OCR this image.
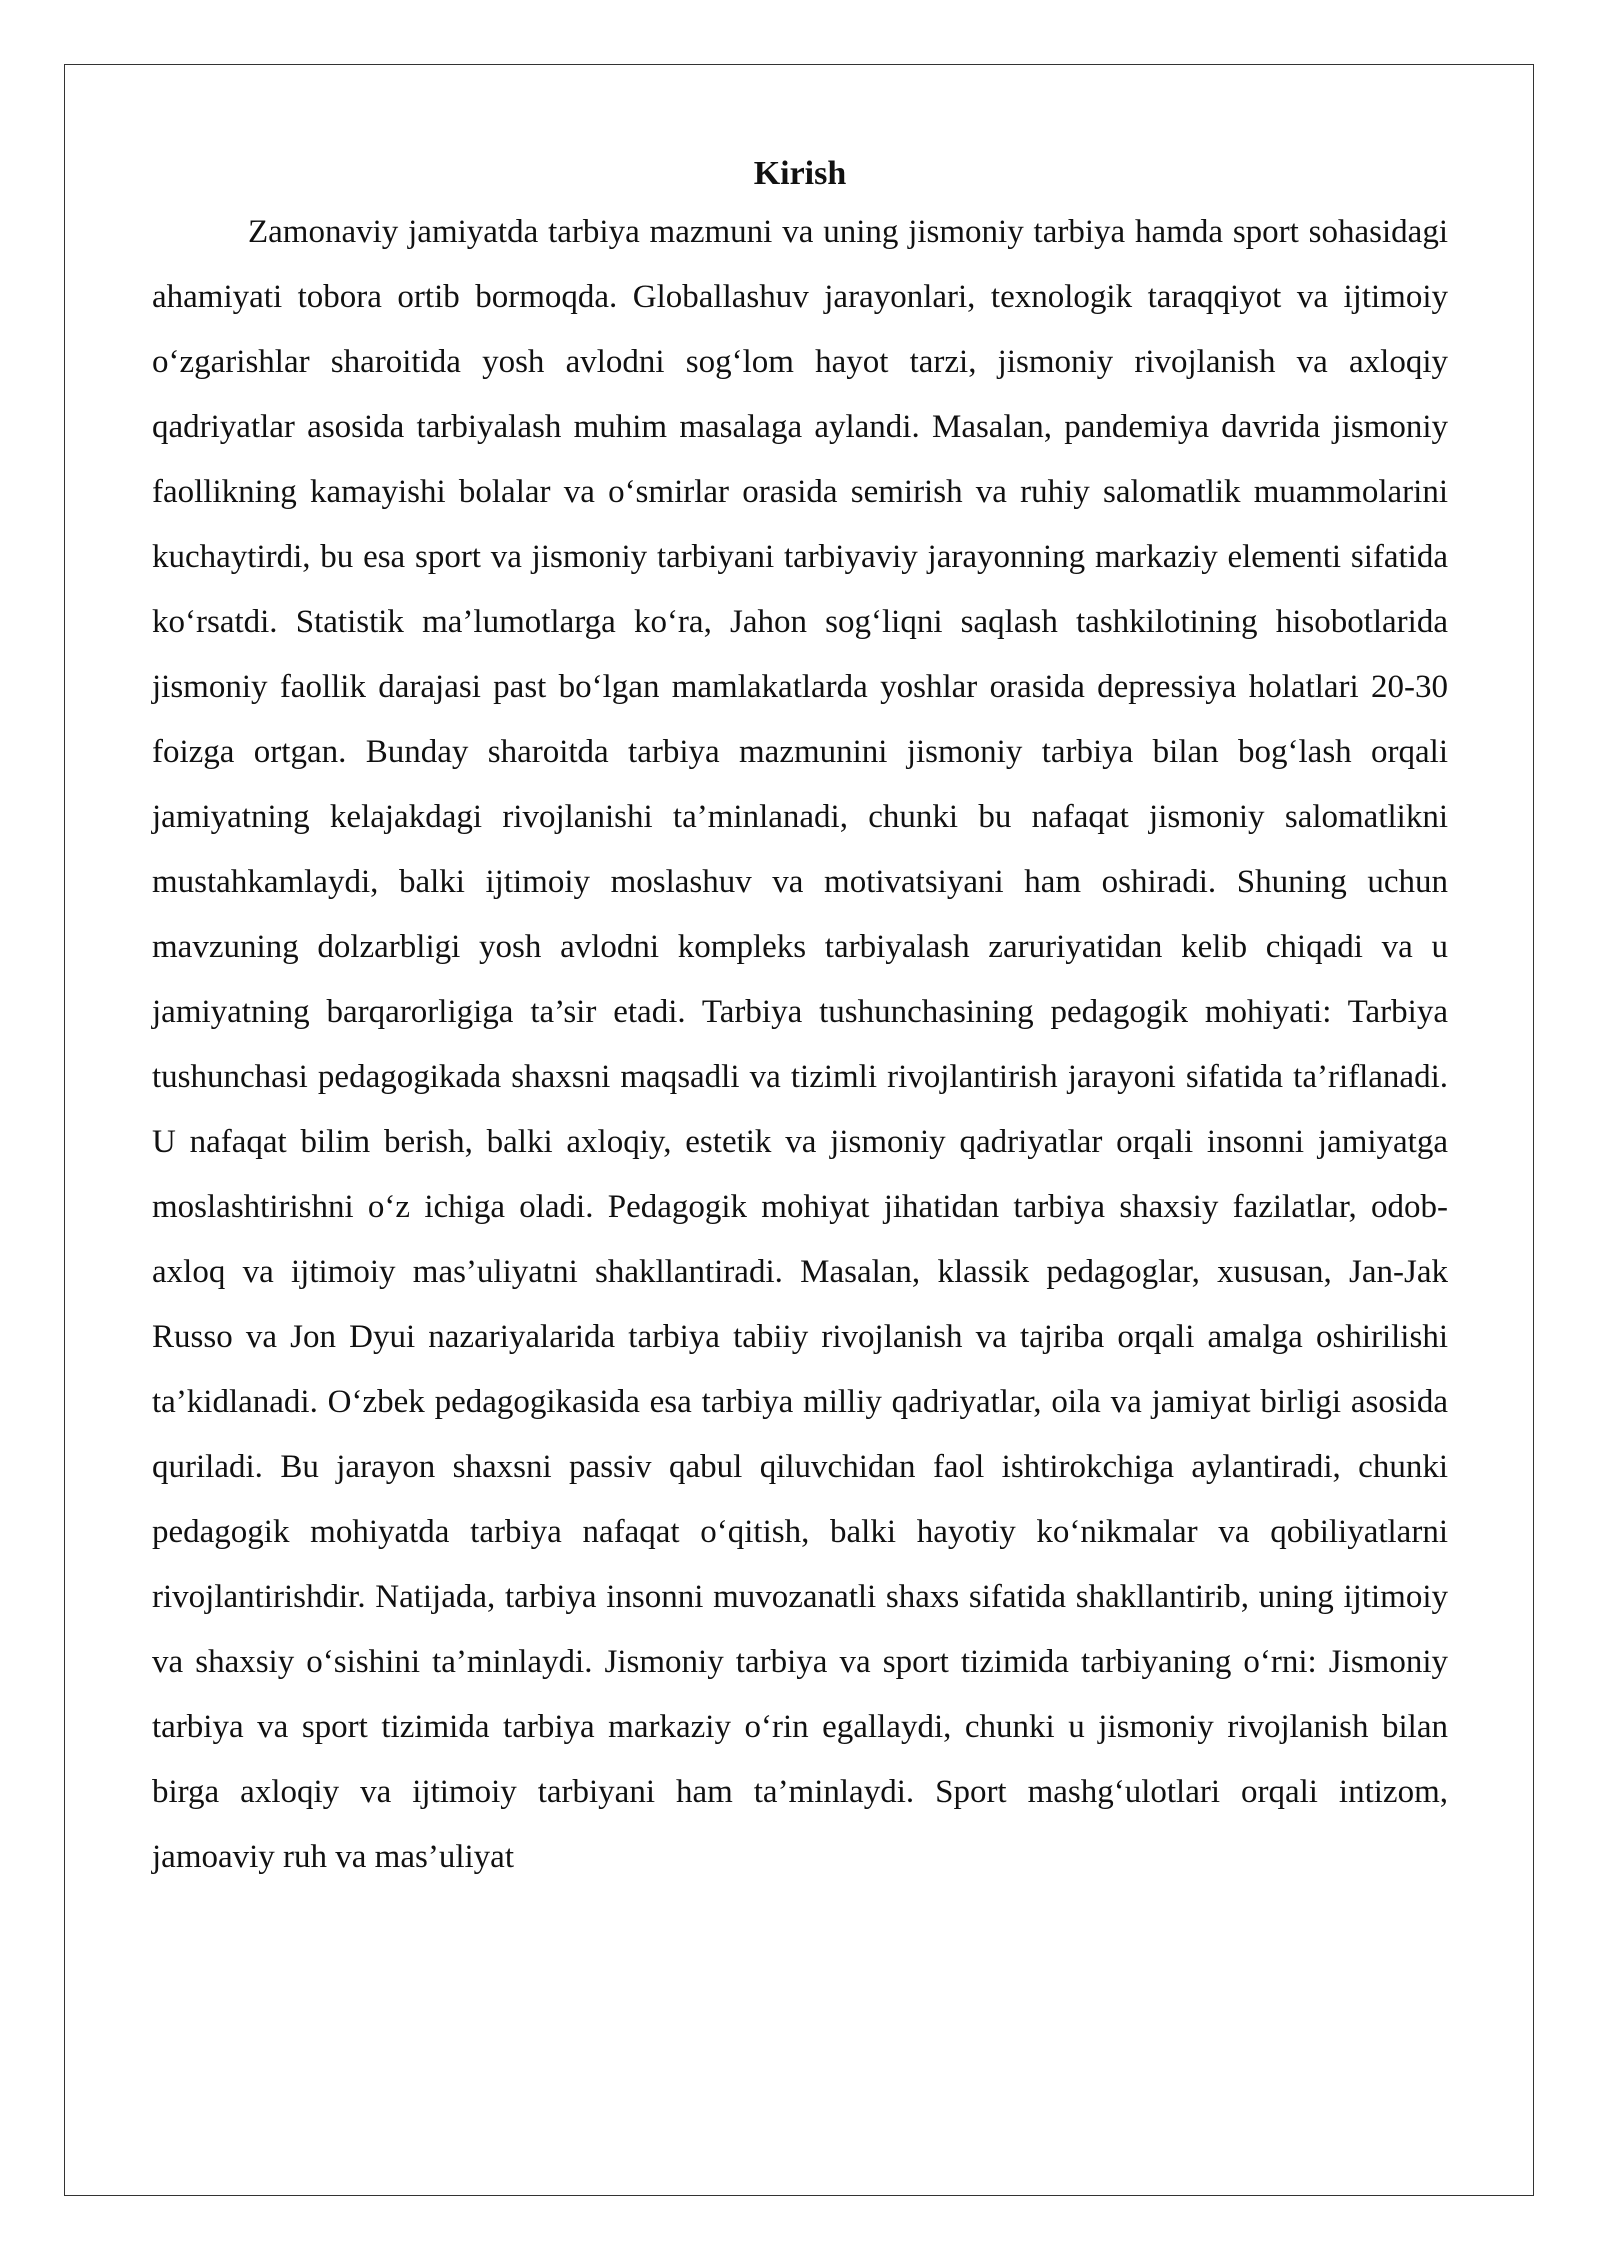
Kirish

Zamonaviy jamiyatda tarbiya mazmuni va uning jismoniy tarbiya hamda sport sohasidagi ahamiyati tobora ortib bormoqda. Globallashuv jarayonlari, texnologik taraqqiyot va ijtimoiy o‘zgarishlar sharoitida yosh avlodni sog‘lom hayot tarzi, jismoniy rivojlanish va axloqiy qadriyatlar asosida tarbiyalash muhim masalaga aylandi. Masalan, pandemiya davrida jismoniy faollikning kamayishi bolalar va o‘smirlar orasida semirish va ruhiy salomatlik muammolarini kuchaytirdi, bu esa sport va jismoniy tarbiyani tarbiyaviy jarayonning markaziy elementi sifatida ko‘rsatdi. Statistik ma’lumotlarga ko‘ra, Jahon sog‘liqni saqlash tashkilotining hisobotlarida jismoniy faollik darajasi past bo‘lgan mamlakatlarda yoshlar orasida depressiya holatlari 20-30 foizga ortgan. Bunday sharoitda tarbiya mazmunini jismoniy tarbiya bilan bog‘lash orqali jamiyatning kelajakdagi rivojlanishi ta’minlanadi, chunki bu nafaqat jismoniy salomatlikni mustahkamlaydi, balki ijtimoiy moslashuv va motivatsiyani ham oshiradi. Shuning uchun mavzuning dolzarbligi yosh avlodni kompleks tarbiyalash zaruriyatidan kelib chiqadi va u jamiyatning barqarorligiga ta’sir etadi. Tarbiya tushunchasining pedagogik mohiyati: Tarbiya tushunchasi pedagogikada shaxsni maqsadli va tizimli rivojlantirish jarayoni sifatida ta’riflanadi. U nafaqat bilim berish, balki axloqiy, estetik va jismoniy qadriyatlar orqali insonni jamiyatga moslashtirishni o‘z ichiga oladi. Pedagogik mohiyat jihatidan tarbiya shaxsiy fazilatlar, odob-axloq va ijtimoiy mas’uliyatni shakllantiradi. Masalan, klassik pedagoglar, xususan, Jan-Jak Russo va Jon Dyui nazariyalarida tarbiya tabiiy rivojlanish va tajriba orqali amalga oshirilishi ta’kidlanadi. O‘zbek pedagogikasida esa tarbiya milliy qadriyatlar, oila va jamiyat birligi asosida quriladi. Bu jarayon shaxsni passiv qabul qiluvchidan faol ishtirokchiga aylantiradi, chunki pedagogik mohiyatda tarbiya nafaqat o‘qitish, balki hayotiy ko‘nikmalar va qobiliyatlarni rivojlantirishdir. Natijada, tarbiya insonni muvozanatli shaxs sifatida shakllantirib, uning ijtimoiy va shaxsiy o‘sishini ta’minlaydi. Jismoniy tarbiya va sport tizimida tarbiyaning o‘rni: Jismoniy tarbiya va sport tizimida tarbiya markaziy o‘rin egallaydi, chunki u jismoniy rivojlanish bilan birga axloqiy va ijtimoiy tarbiyani ham ta’minlaydi. Sport mashg‘ulotlari orqali intizom, jamoaviy ruh va mas’uliyat
